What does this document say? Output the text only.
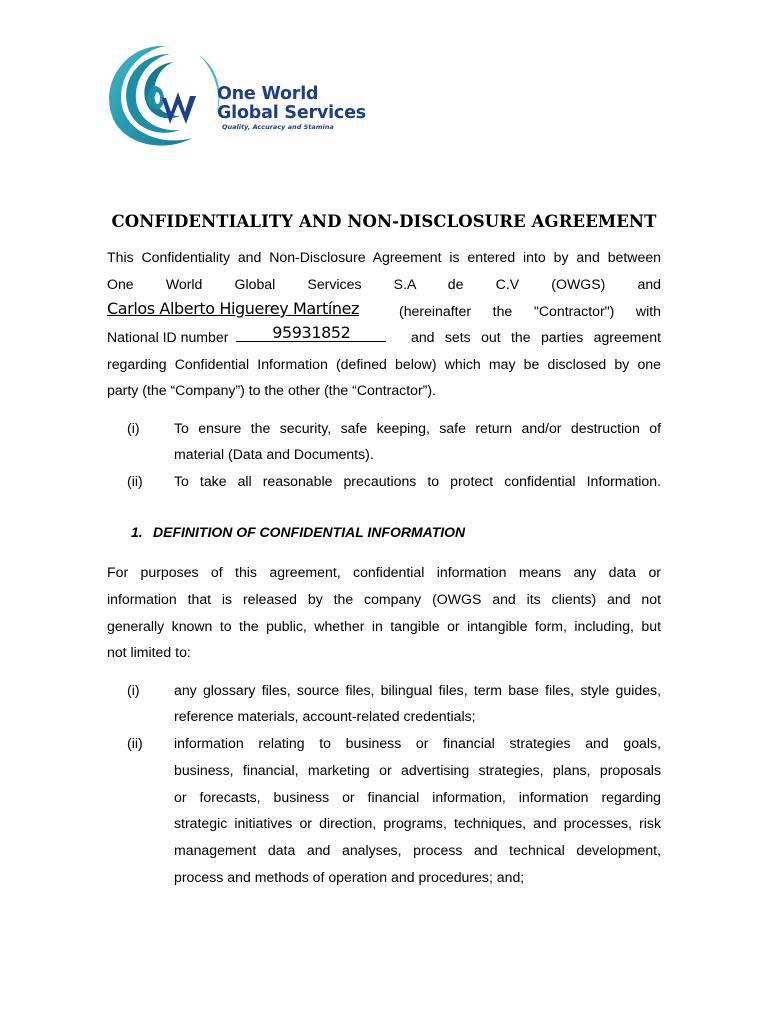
One World
Global Services
Quality, Accuracy and Stamina
CONFIDENTIALITY AND NON-DISCLOSURE AGREEMENT
This Confidentiality and Non-Disclosure Agreement is entered into by and between
One World Global Services S.A de C.V (OWGS) and
Carlos Alberto Higuerey Martínez	(hereinafter the "Contractor") with
National ID number	95931852	and sets out the parties agreement
regarding Confidential Information (defined below) which may be disclosed by one
party (the “Company”) to the other (the “Contractor”).
(i) To ensure the security, safe keeping, safe return and/or destruction of
material (Data and Documents).
(ii) To take all reasonable precautions to protect confidential Information.
1. DEFINITION OF CONFIDENTIAL INFORMATION
For purposes of this agreement, confidential information means any data or
information that is released by the company (OWGS and its clients) and not
generally known to the public, whether in tangible or intangible form, including, but
not limited to:
(i) any glossary files, source files, bilingual files, term base files, style guides,
reference materials, account-related credentials;
(ii) information relating to business or financial strategies and goals,
business, financial, marketing or advertising strategies, plans, proposals
or forecasts, business or financial information, information regarding
strategic initiatives or direction, programs, techniques, and processes, risk
management data and analyses, process and technical development,
process and methods of operation and procedures; and;
